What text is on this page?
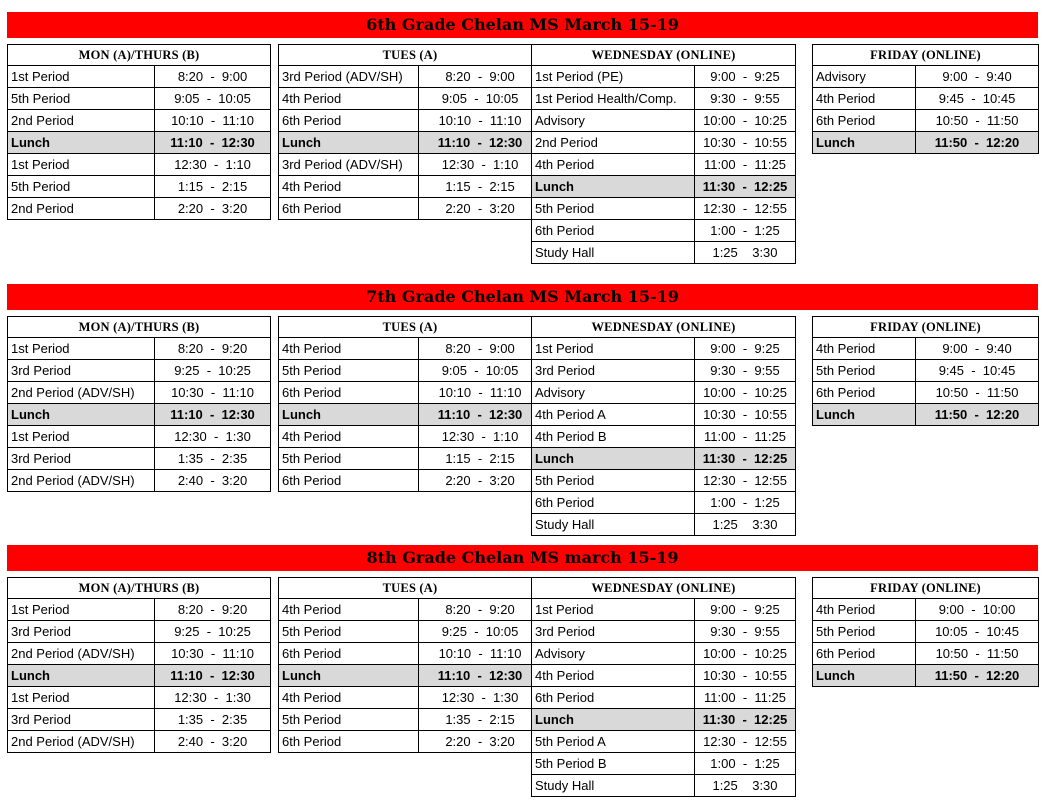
6th Grade Chelan MS March 15-19
MON (A)/THURS (B)	
1st Period	8:20  -  9:00
5th Period	9:05  -  10:05
2nd Period	10:10  -  11:10
Lunch	11:10  -  12:30
1st Period	12:30  -  1:10
5th Period	1:15  -  2:15
2nd Period	2:20  -  3:20
TUES (A)	
3rd Period (ADV/SH)	8:20  -  9:00
4th Period	9:05  -  10:05
6th Period	10:10  -  11:10
Lunch	11:10  -  12:30
3rd Period (ADV/SH)	12:30  -  1:10
4th Period	1:15  -  2:15
6th Period	2:20  -  3:20
WEDNESDAY (ONLINE)	
1st Period (PE)	9:00  -  9:25
1st Period Health/Comp.	9:30  -  9:55
Advisory	10:00  -  10:25
2nd Period	10:30  -  10:55
4th Period	11:00  -  11:25
Lunch	11:30  -  12:25
5th Period	12:30  -  12:55
6th Period	1:00  -  1:25
Study Hall	1:25    3:30
FRIDAY (ONLINE)	
Advisory	9:00  -  9:40
4th Period	9:45  -  10:45
6th Period	10:50  -  11:50
Lunch	11:50  -  12:20
7th Grade Chelan MS March 15-19
MON (A)/THURS (B)	
1st Period	8:20  -  9:20
3rd Period	9:25  -  10:25
2nd Period (ADV/SH)	10:30  -  11:10
Lunch	11:10  -  12:30
1st Period	12:30  -  1:30
3rd Period	1:35  -  2:35
2nd Period (ADV/SH)	2:40  -  3:20
TUES (A)	
4th Period	8:20  -  9:00
5th Period	9:05  -  10:05
6th Period	10:10  -  11:10
Lunch	11:10  -  12:30
4th Period	12:30  -  1:10
5th Period	1:15  -  2:15
6th Period	2:20  -  3:20
WEDNESDAY (ONLINE)	
1st Period	9:00  -  9:25
3rd Period	9:30  -  9:55
Advisory	10:00  -  10:25
4th Period A	10:30  -  10:55
4th Period B	11:00  -  11:25
Lunch	11:30  -  12:25
5th Period	12:30  -  12:55
6th Period	1:00  -  1:25
Study Hall	1:25    3:30
FRIDAY (ONLINE)	
4th Period	9:00  -  9:40
5th Period	9:45  -  10:45
6th Period	10:50  -  11:50
Lunch	11:50  -  12:20
8th Grade Chelan MS march 15-19
MON (A)/THURS (B)	
1st Period	8:20  -  9:20
3rd Period	9:25  -  10:25
2nd Period (ADV/SH)	10:30  -  11:10
Lunch	11:10  -  12:30
1st Period	12:30  -  1:30
3rd Period	1:35  -  2:35
2nd Period (ADV/SH)	2:40  -  3:20
TUES (A)	
4th Period	8:20  -  9:20
5th Period	9:25  -  10:05
6th Period	10:10  -  11:10
Lunch	11:10  -  12:30
4th Period	12:30  -  1:30
5th Period	1:35  -  2:15
6th Period	2:20  -  3:20
WEDNESDAY (ONLINE)	
1st Period	9:00  -  9:25
3rd Period	9:30  -  9:55
Advisory	10:00  -  10:25
4th Period	10:30  -  10:55
6th Period	11:00  -  11:25
Lunch	11:30  -  12:25
5th Period A	12:30  -  12:55
5th Period B	1:00  -  1:25
Study Hall	1:25    3:30
FRIDAY (ONLINE)	
4th Period	9:00  -  10:00
5th Period	10:05  -  10:45
6th Period	10:50  -  11:50
Lunch	11:50  -  12:20
